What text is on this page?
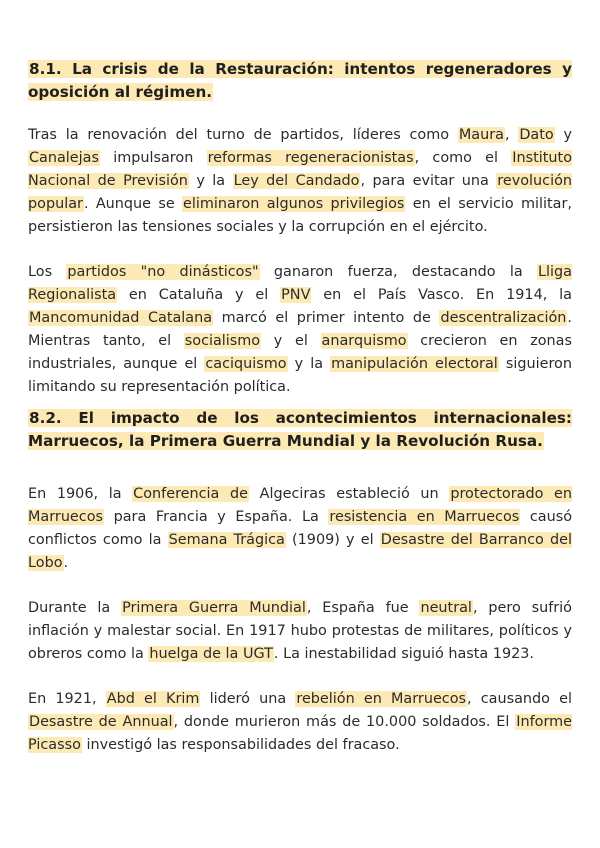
8.1. La crisis de la Restauración: intentos regeneradores y oposición al régimen.

Tras la renovación del turno de partidos, líderes como Maura, Dato y Canalejas impulsaron reformas regeneracionistas, como el Instituto Nacional de Previsión y la Ley del Candado, para evitar una revolución popular. Aunque se eliminaron algunos privilegios en el servicio militar, persistieron las tensiones sociales y la corrupción en el ejército.

Los partidos "no dinásticos" ganaron fuerza, destacando la Lliga Regionalista en Cataluña y el PNV en el País Vasco. En 1914, la Mancomunidad Catalana marcó el primer intento de descentralización. Mientras tanto, el socialismo y el anarquismo crecieron en zonas industriales, aunque el caciquismo y la manipulación electoral siguieron limitando su representación política.

8.2. El impacto de los acontecimientos internacionales: Marruecos, la Primera Guerra Mundial y la Revolución Rusa.

En 1906, la Conferencia de Algeciras estableció un protectorado en Marruecos para Francia y España. La resistencia en Marruecos causó conflictos como la Semana Trágica (1909) y el Desastre del Barranco del Lobo.

Durante la Primera Guerra Mundial, España fue neutral, pero sufrió inflación y malestar social. En 1917 hubo protestas de militares, políticos y obreros como la huelga de la UGT. La inestabilidad siguió hasta 1923.

En 1921, Abd el Krim lideró una rebelión en Marruecos, causando el Desastre de Annual, donde murieron más de 10.000 soldados. El Informe Picasso investigó las responsabilidades del fracaso.
